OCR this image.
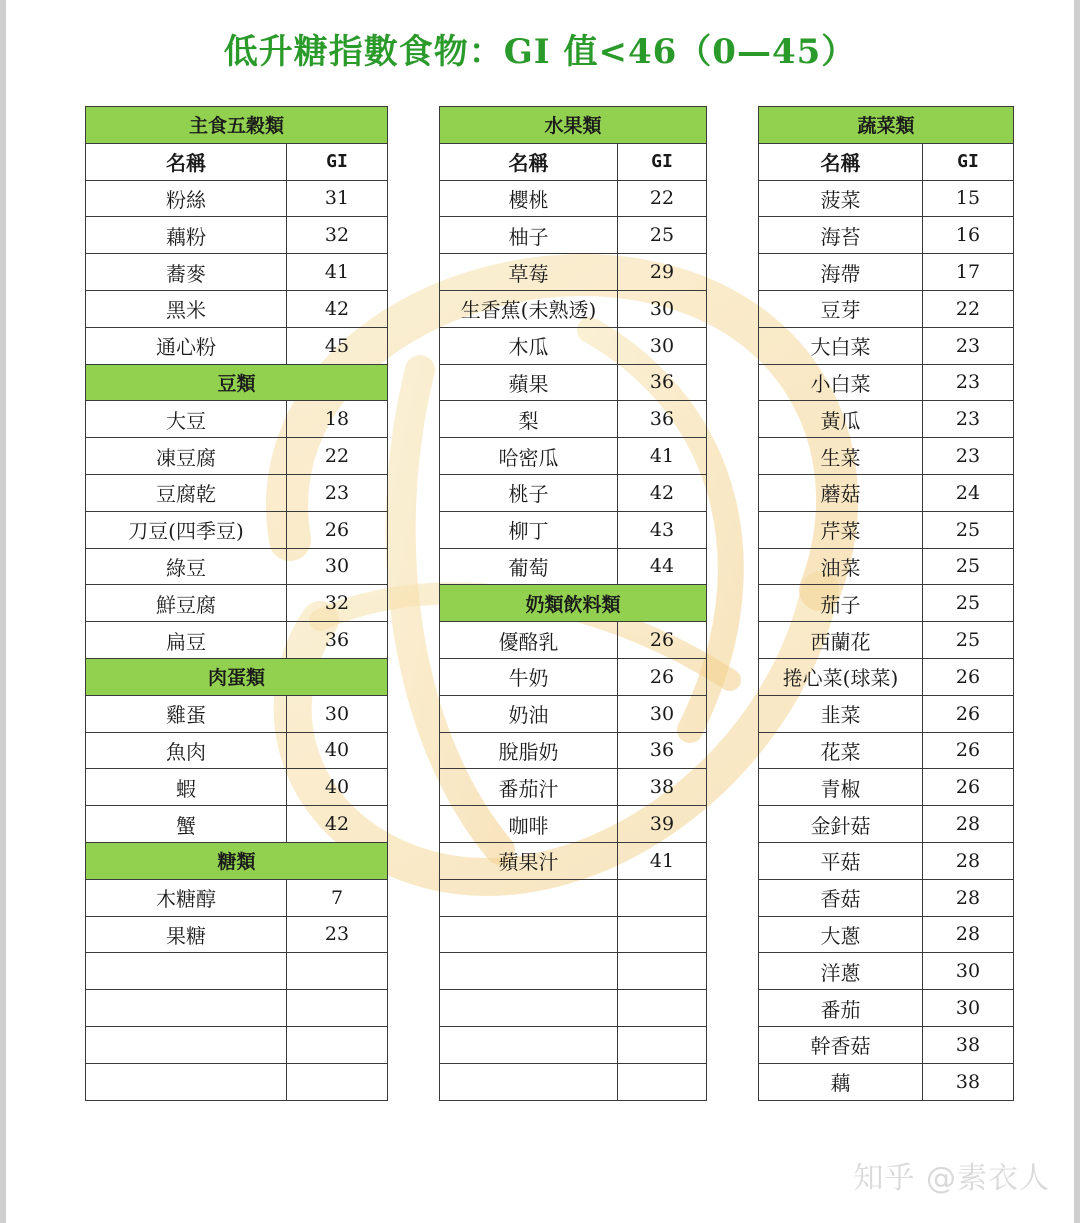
低升糖指數食物：GI 值<46（0—45）
主食五穀類	
名稱	GI
粉絲	31
藕粉	32
蕎麥	41
黑米	42
通心粉	45
豆類	
大豆	18
凍豆腐	22
豆腐乾	23
刀豆(四季豆)	26
綠豆	30
鮮豆腐	32
扁豆	36
肉蛋類	
雞蛋	30
魚肉	40
蝦	40
蟹	42
糖類	
木糖醇	7
果糖	23

水果類	
名稱	GI
櫻桃	22
柚子	25
草莓	29
生香蕉(未熟透)	30
木瓜	30
蘋果	36
梨	36
哈密瓜	41
桃子	42
柳丁	43
葡萄	44
奶類飲料類	
優酪乳	26
牛奶	26
奶油	30
脫脂奶	36
番茄汁	38
咖啡	39
蘋果汁	41

蔬菜類	
名稱	GI
菠菜	15
海苔	16
海帶	17
豆芽	22
大白菜	23
小白菜	23
黃瓜	23
生菜	23
蘑菇	24
芹菜	25
油菜	25
茄子	25
西蘭花	25
捲心菜(球菜)	26
韭菜	26
花菜	26
青椒	26
金針菇	28
平菇	28
香菇	28
大蔥	28
洋蔥	30
番茄	30
幹香菇	38
藕	38
知乎 @素衣人
